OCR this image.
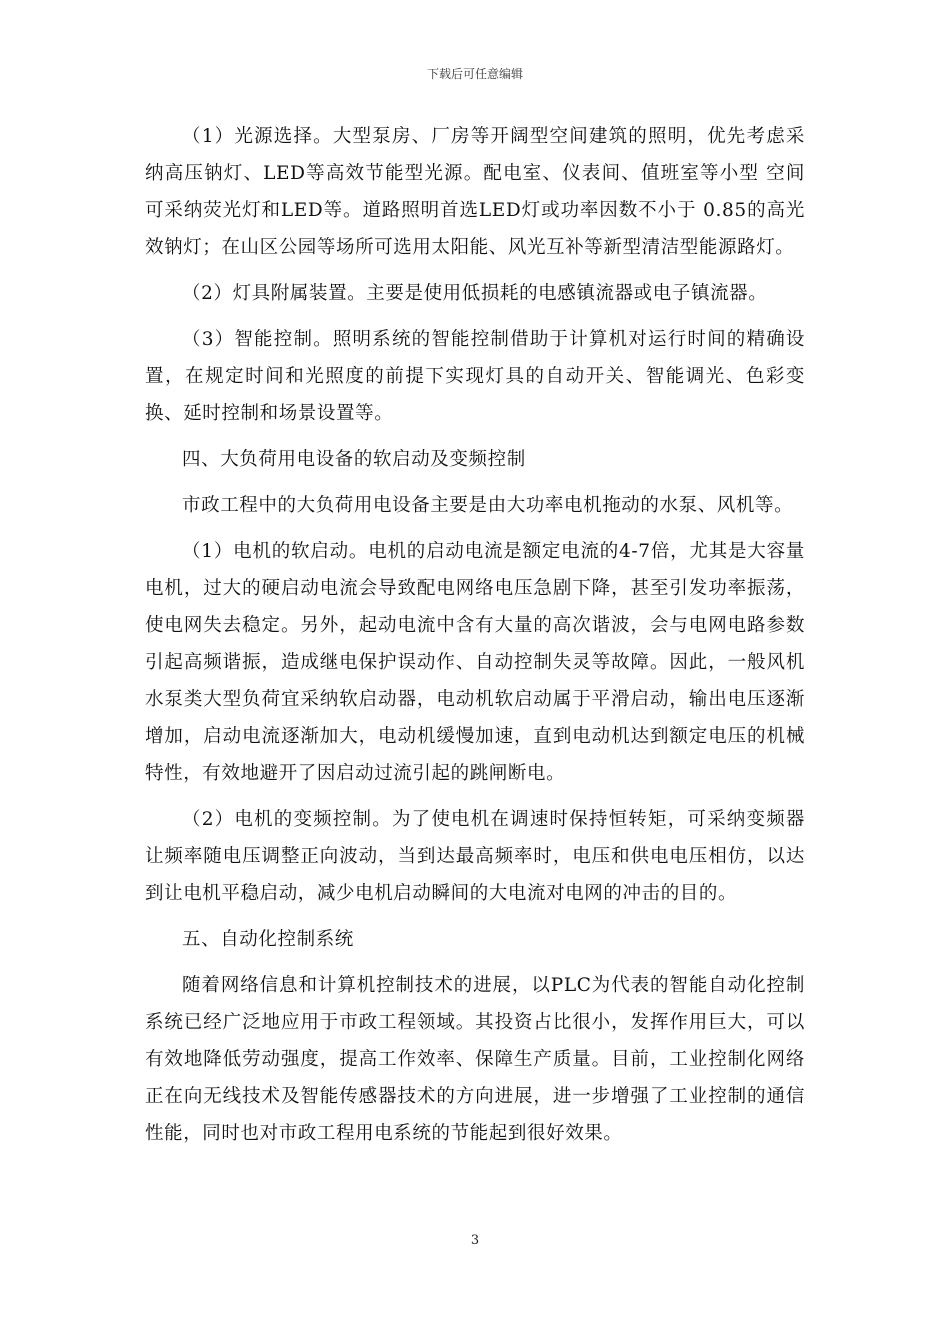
下载后可任意编辑

（1）光源选择。大型泵房、厂房等开阔型空间建筑的照明，优先考虑采纳高压钠灯、LED等高效节能型光源。配电室、仪表间、值班室等小型 空间可采纳荧光灯和LED等。道路照明首选LED灯或功率因数不小于 0.85的高光效钠灯；在山区公园等场所可选用太阳能、风光互补等新型清洁型能源路灯。

（2）灯具附属装置。主要是使用低损耗的电感镇流器或电子镇流器。

（3）智能控制。照明系统的智能控制借助于计算机对运行时间的精确设置，在规定时间和光照度的前提下实现灯具的自动开关、智能调光、色彩变换、延时控制和场景设置等。

四、大负荷用电设备的软启动及变频控制

市政工程中的大负荷用电设备主要是由大功率电机拖动的水泵、风机等。

（1）电机的软启动。电机的启动电流是额定电流的4-7倍，尤其是大容量电机，过大的硬启动电流会导致配电网络电压急剧下降，甚至引发功率振荡，使电网失去稳定。另外，起动电流中含有大量的高次谐波，会与电网电路参数引起高频谐振，造成继电保护误动作、自动控制失灵等故障。因此，一般风机水泵类大型负荷宜采纳软启动器，电动机软启动属于平滑启动，输出电压逐渐增加，启动电流逐渐加大，电动机缓慢加速，直到电动机达到额定电压的机械特性，有效地避开了因启动过流引起的跳闸断电。

（2）电机的变频控制。为了使电机在调速时保持恒转矩，可采纳变频器让频率随电压调整正向波动，当到达最高频率时，电压和供电电压相仿，以达到让电机平稳启动，减少电机启动瞬间的大电流对电网的冲击的目的。

五、自动化控制系统

随着网络信息和计算机控制技术的进展，以PLC为代表的智能自动化控制系统已经广泛地应用于市政工程领域。其投资占比很小，发挥作用巨大，可以有效地降低劳动强度，提高工作效率、保障生产质量。目前，工业控制化网络正在向无线技术及智能传感器技术的方向进展，进一步增强了工业控制的通信性能，同时也对市政工程用电系统的节能起到很好效果。

3
